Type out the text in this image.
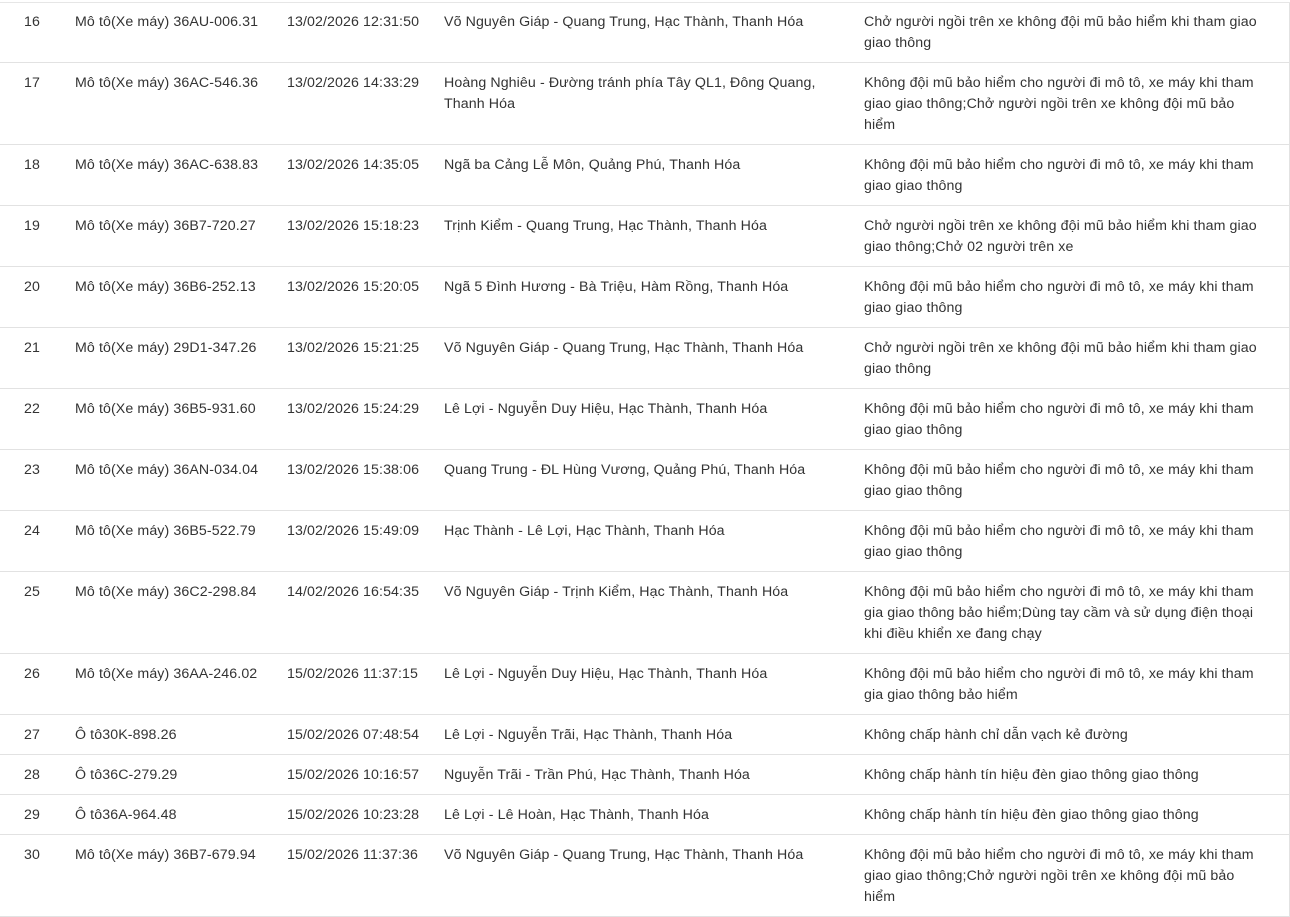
16	Mô tô(Xe máy) 36AU-006.31	13/02/2026 12:31:50	Võ Nguyên Giáp - Quang Trung, Hạc Thành, Thanh Hóa	Chở người ngồi trên xe không đội mũ bảo hiểm khi tham giao giao thông
17	Mô tô(Xe máy) 36AC-546.36	13/02/2026 14:33:29	Hoàng Nghiêu - Đường tránh phía Tây QL1, Đông Quang, Thanh Hóa	Không đội mũ bảo hiểm cho người đi mô tô, xe máy khi tham giao giao thông;Chở người ngồi trên xe không đội mũ bảo hiểm
18	Mô tô(Xe máy) 36AC-638.83	13/02/2026 14:35:05	Ngã ba Cảng Lễ Môn, Quảng Phú, Thanh Hóa	Không đội mũ bảo hiểm cho người đi mô tô, xe máy khi tham giao giao thông
19	Mô tô(Xe máy) 36B7-720.27	13/02/2026 15:18:23	Trịnh Kiểm - Quang Trung, Hạc Thành, Thanh Hóa	Chở người ngồi trên xe không đội mũ bảo hiểm khi tham giao giao thông;Chở 02 người trên xe
20	Mô tô(Xe máy) 36B6-252.13	13/02/2026 15:20:05	Ngã 5 Đình Hương - Bà Triệu, Hàm Rồng, Thanh Hóa	Không đội mũ bảo hiểm cho người đi mô tô, xe máy khi tham giao giao thông
21	Mô tô(Xe máy) 29D1-347.26	13/02/2026 15:21:25	Võ Nguyên Giáp - Quang Trung, Hạc Thành, Thanh Hóa	Chở người ngồi trên xe không đội mũ bảo hiểm khi tham giao giao thông
22	Mô tô(Xe máy) 36B5-931.60	13/02/2026 15:24:29	Lê Lợi - Nguyễn Duy Hiệu, Hạc Thành, Thanh Hóa	Không đội mũ bảo hiểm cho người đi mô tô, xe máy khi tham giao giao thông
23	Mô tô(Xe máy) 36AN-034.04	13/02/2026 15:38:06	Quang Trung - ĐL Hùng Vương, Quảng Phú, Thanh Hóa	Không đội mũ bảo hiểm cho người đi mô tô, xe máy khi tham giao giao thông
24	Mô tô(Xe máy) 36B5-522.79	13/02/2026 15:49:09	Hạc Thành - Lê Lợi, Hạc Thành, Thanh Hóa	Không đội mũ bảo hiểm cho người đi mô tô, xe máy khi tham giao giao thông
25	Mô tô(Xe máy) 36C2-298.84	14/02/2026 16:54:35	Võ Nguyên Giáp - Trịnh Kiểm, Hạc Thành, Thanh Hóa	Không đội mũ bảo hiểm cho người đi mô tô, xe máy khi tham gia giao thông bảo hiểm;Dùng tay cầm và sử dụng điện thoại khi điều khiển xe đang chạy
26	Mô tô(Xe máy) 36AA-246.02	15/02/2026 11:37:15	Lê Lợi - Nguyễn Duy Hiệu, Hạc Thành, Thanh Hóa	Không đội mũ bảo hiểm cho người đi mô tô, xe máy khi tham gia giao thông bảo hiểm
27	Ô tô30K-898.26	15/02/2026 07:48:54	Lê Lợi - Nguyễn Trãi, Hạc Thành, Thanh Hóa	Không chấp hành chỉ dẫn vạch kẻ đường
28	Ô tô36C-279.29	15/02/2026 10:16:57	Nguyễn Trãi - Trần Phú, Hạc Thành, Thanh Hóa	Không chấp hành tín hiệu đèn giao thông giao thông
29	Ô tô36A-964.48	15/02/2026 10:23:28	Lê Lợi - Lê Hoàn, Hạc Thành, Thanh Hóa	Không chấp hành tín hiệu đèn giao thông giao thông
30	Mô tô(Xe máy) 36B7-679.94	15/02/2026 11:37:36	Võ Nguyên Giáp - Quang Trung, Hạc Thành, Thanh Hóa	Không đội mũ bảo hiểm cho người đi mô tô, xe máy khi tham giao giao thông;Chở người ngồi trên xe không đội mũ bảo hiểm
